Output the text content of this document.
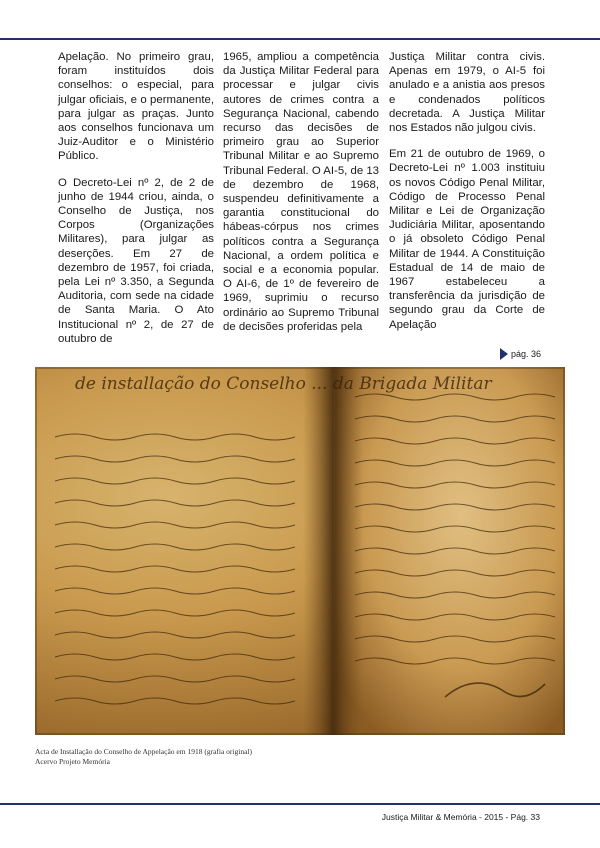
Apelação. No primeiro grau, foram instituídos dois conselhos: o especial, para julgar oficiais, e o permanente, para julgar as praças. Junto aos conselhos funcionava um Juiz-Auditor e o Ministério Público.

O Decreto-Lei nº 2, de 2 de junho de 1944 criou, ainda, o Conselho de Justiça, nos Corpos (Organizações Militares), para julgar as deserções. Em 27 de dezembro de 1957, foi criada, pela Lei nº 3.350, a Segunda Auditoria, com sede na cidade de Santa Maria. O Ato Institucional nº 2, de 27 de outubro de

1965, ampliou a competência da Justiça Militar Federal para processar e julgar civis autores de crimes contra a Segurança Nacional, cabendo recurso das decisões de primeiro grau ao Superior Tribunal Militar e ao Supremo Tribunal Federal. O AI-5, de 13 de dezembro de 1968, suspendeu definitivamente a garantia constitucional do hábeas-córpus nos crimes políticos contra a Segurança Nacional, a ordem política e social e a economia popular. O AI-6, de 1º de fevereiro de 1969, suprimiu o recurso ordinário ao Supremo Tribunal de decisões proferidas pela

Justiça Militar contra civis. Apenas em 1979, o AI-5 foi anulado e a anistia aos presos e condenados políticos decretada. A Justiça Militar nos Estados não julgou civis.

Em 21 de outubro de 1969, o Decreto-Lei nº 1.003 instituiu os novos Código Penal Militar, Código de Processo Penal Militar e Lei de Organização Judiciária Militar, aposentando o já obsoleto Código Penal Militar de 1944. A Constituição Estadual de 14 de maio de 1967 estabeleceu a transferência da jurisdição de segundo grau da Corte de Apelação

pág. 36
de installação do Conselho ... da Brigada Militar
Acta de Installação do Conselho de Appelação em 1918 (grafia original)
Acervo Projeto Memória
Justiça Militar & Memória - 2015 - Pág. 33
